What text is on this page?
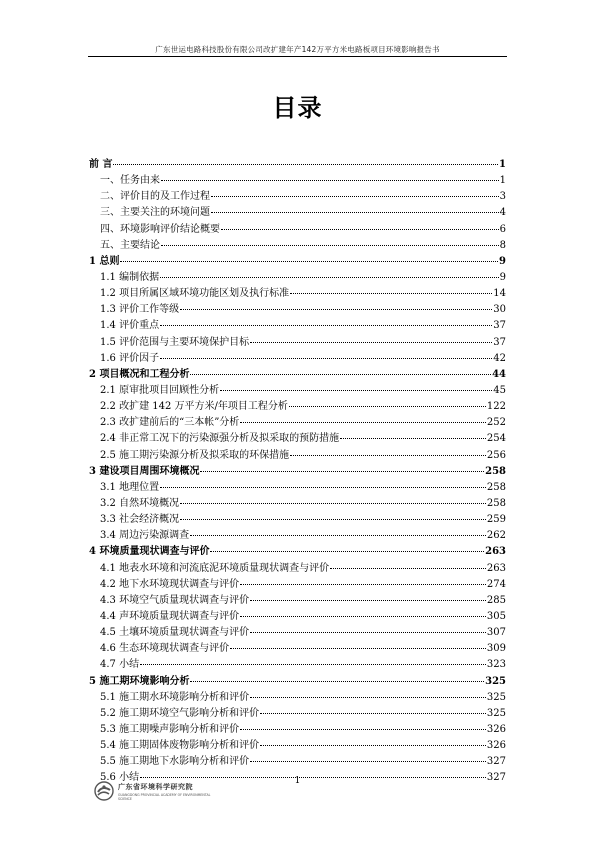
广东世运电路科技股份有限公司改扩建年产142万平方米电路板项目环境影响报告书
目录
前 言	1
一、任务由来	1
二、评价目的及工作过程	3
三、主要关注的环境问题	4
四、环境影响评价结论概要	6
五、主要结论	8
1 总则	9
1.1 编制依据	9
1.2 项目所属区域环境功能区划及执行标准	14
1.3 评价工作等级	30
1.4 评价重点	37
1.5 评价范围与主要环境保护目标	37
1.6 评价因子	42
2 项目概况和工程分析	44
2.1 原审批项目回顾性分析	45
2.2 改扩建 142 万平方米/年项目工程分析	122
2.3 改扩建前后的“三本帐”分析	252
2.4 非正常工况下的污染源强分析及拟采取的预防措施	254
2.5 施工期污染源分析及拟采取的环保措施	256
3 建设项目周围环境概况	258
3.1 地理位置	258
3.2 自然环境概况	258
3.3 社会经济概况	259
3.4 周边污染源调查	262
4 环境质量现状调查与评价	263
4.1 地表水环境和河流底泥环境质量现状调查与评价	263
4.2 地下水环境现状调查与评价	274
4.3 环境空气质量现状调查与评价	285
4.4 声环境质量现状调查与评价	305
4.5 土壤环境质量现状调查与评价	307
4.6 生态环境现状调查与评价	309
4.7 小结	323
5 施工期环境影响分析	325
5.1 施工期水环境影响分析和评价	325
5.2 施工期环境空气影响分析和评价	325
5.3 施工期噪声影响分析和评价	326
5.4 施工期固体废物影响分析和评价	326
5.5 施工期地下水影响分析和评价	327
5.6 小结	327
1
广东省环境科学研究院
GUANGDONG PROVINCIAL ACADEMY OF ENVIRONMENTAL SCIENCE
